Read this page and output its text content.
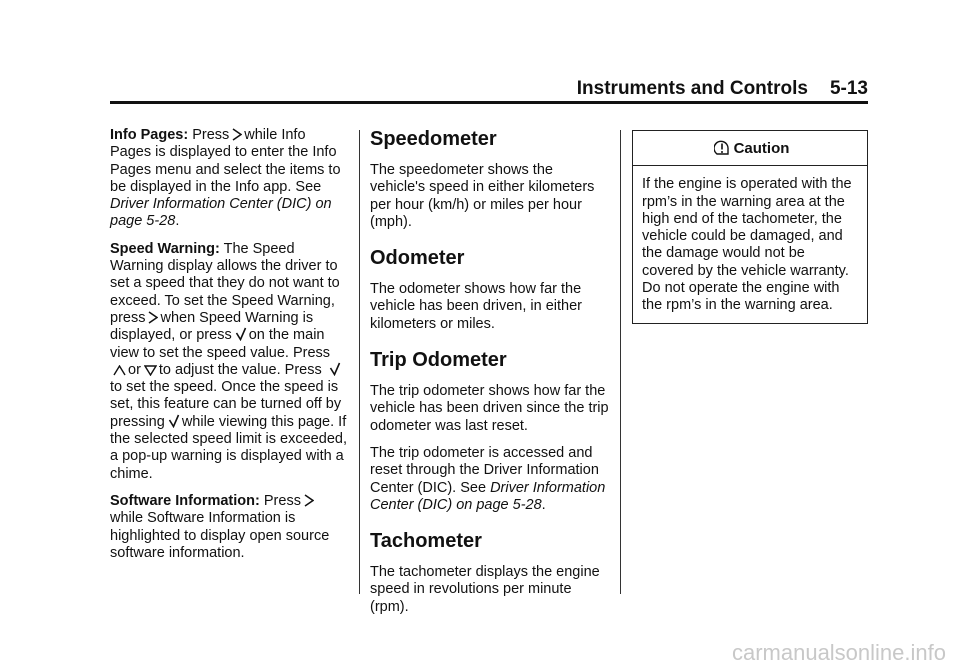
Instruments and Controls 5-13

Info Pages: Press while Info Pages is displayed to enter the Info Pages menu and select the items to be displayed in the Info app. See Driver Information Center (DIC) on page 5-28.

Speed Warning: The Speed Warning display allows the driver to set a speed that they do not want to exceed. To set the Speed Warning, press when Speed Warning is displayed, or press on the main view to set the speed value. Press
or to adjust the value. Press
to set the speed. Once the speed is set, this feature can be turned off by pressing while viewing this page. If the selected speed limit is exceeded, a pop-up warning is displayed with a chime.

Software Information: Press
while Software Information is highlighted to display open source software information.

Speedometer

The speedometer shows the vehicle's speed in either kilometers per hour (km/h) or miles per hour (mph).

Odometer

The odometer shows how far the vehicle has been driven, in either kilometers or miles.

Trip Odometer

The trip odometer shows how far the vehicle has been driven since the trip odometer was last reset.

The trip odometer is accessed and reset through the Driver Information Center (DIC). See Driver Information Center (DIC) on page 5-28.

Tachometer

The tachometer displays the engine speed in revolutions per minute (rpm).

Caution
If the engine is operated with the rpm’s in the warning area at the high end of the tachometer, the vehicle could be damaged, and the damage would not be covered by the vehicle warranty. Do not operate the engine with the rpm’s in the warning area.
carmanualsonline.info
